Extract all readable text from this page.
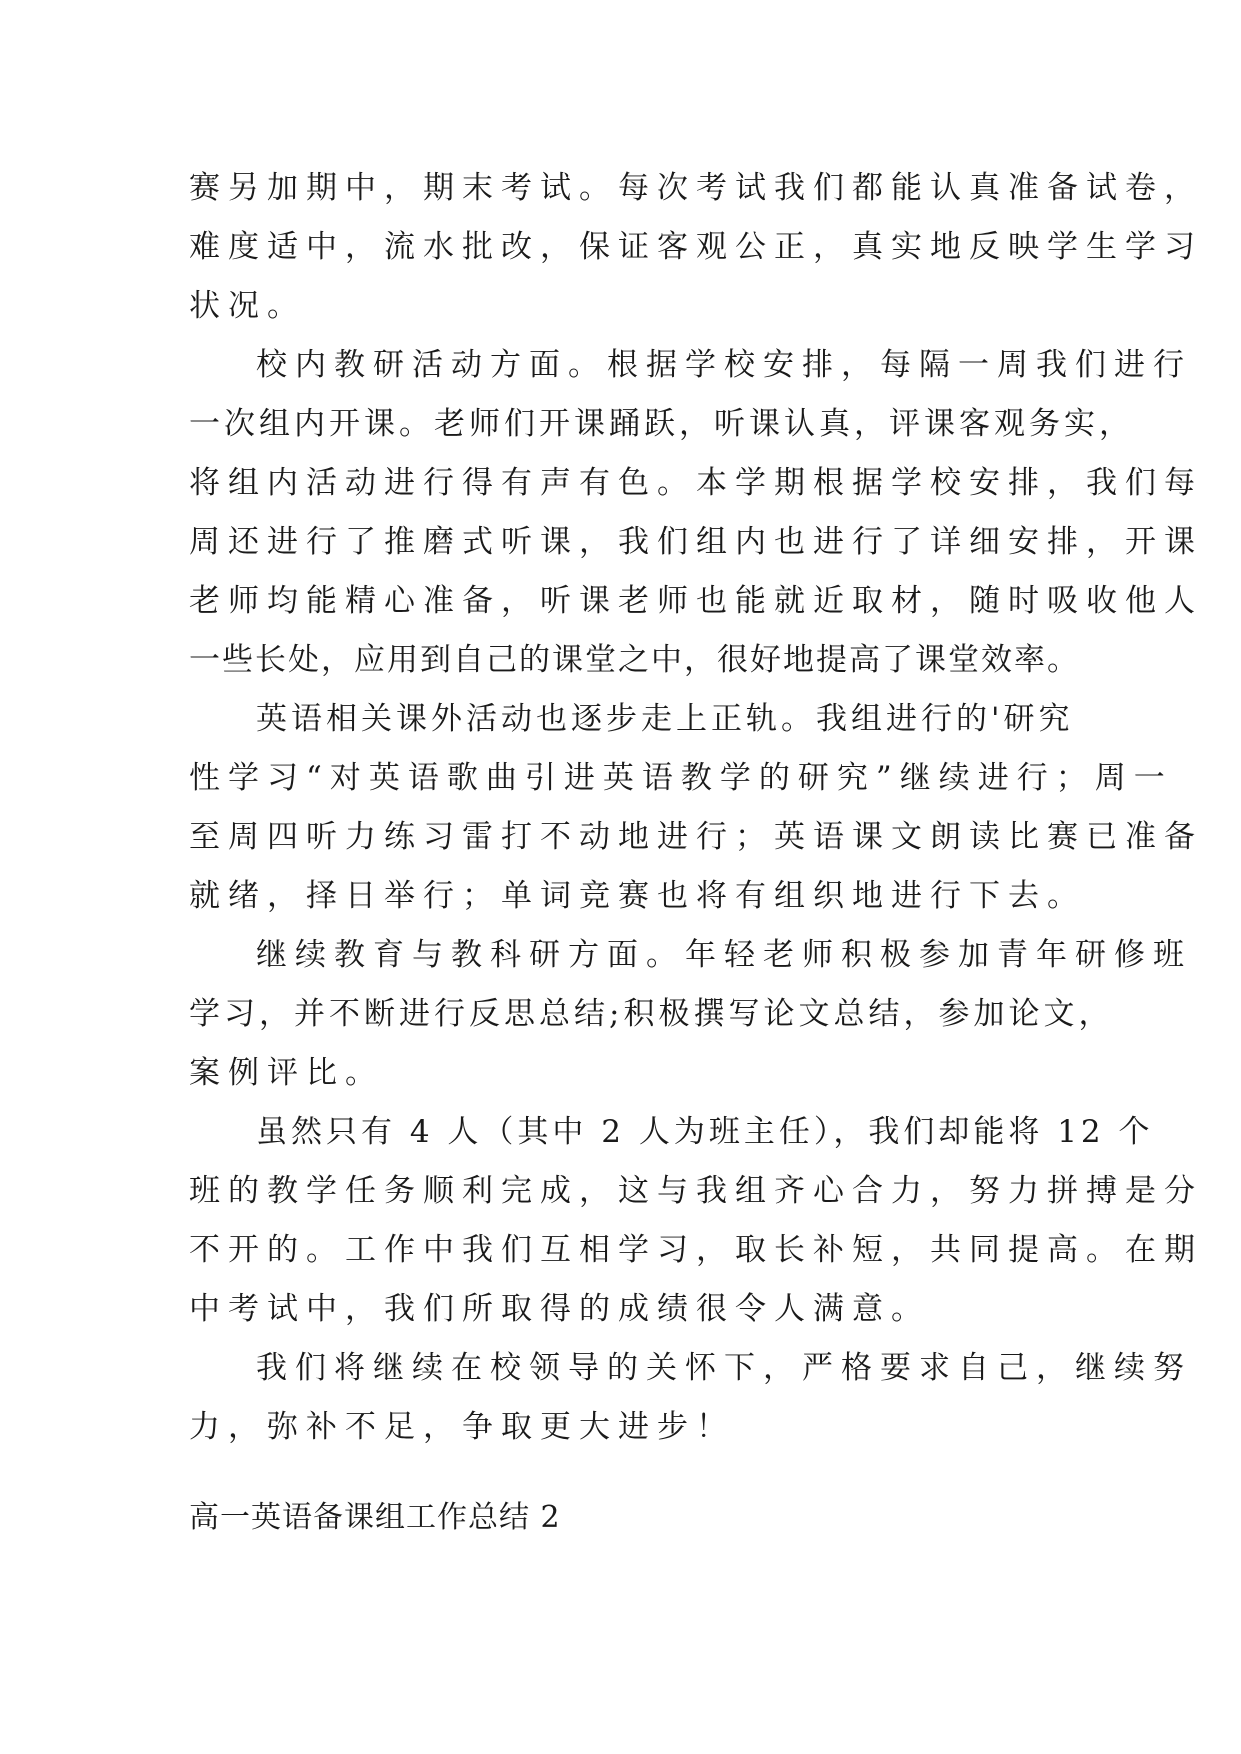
赛另加期中，期末考试。每次考试我们都能认真准备试卷，
难度适中，流水批改，保证客观公正，真实地反映学生学习
状况。
校内教研活动方面。根据学校安排，每隔一周我们进行
一次组内开课。老师们开课踊跃，听课认真，评课客观务实，
将组内活动进行得有声有色。本学期根据学校安排，我们每
周还进行了推磨式听课，我们组内也进行了详细安排，开课
老师均能精心准备，听课老师也能就近取材，随时吸收他人
一些长处，应用到自己的课堂之中，很好地提高了课堂效率。
英语相关课外活动也逐步走上正轨。我组进行的'研究
性学习“对英语歌曲引进英语教学的研究”继续进行；周一
至周四听力练习雷打不动地进行；英语课文朗读比赛已准备
就绪，择日举行；单词竞赛也将有组织地进行下去。
继续教育与教科研方面。年轻老师积极参加青年研修班
学习，并不断进行反思总结;积极撰写论文总结，参加论文，
案例评比。
虽然只有 4 人（其中 2 人为班主任），我们却能将 12 个
班的教学任务顺利完成，这与我组齐心合力，努力拼搏是分
不开的。工作中我们互相学习，取长补短，共同提高。在期
中考试中，我们所取得的成绩很令人满意。
我们将继续在校领导的关怀下，严格要求自己，继续努
力，弥补不足，争取更大进步！
高一英语备课组工作总结 2
